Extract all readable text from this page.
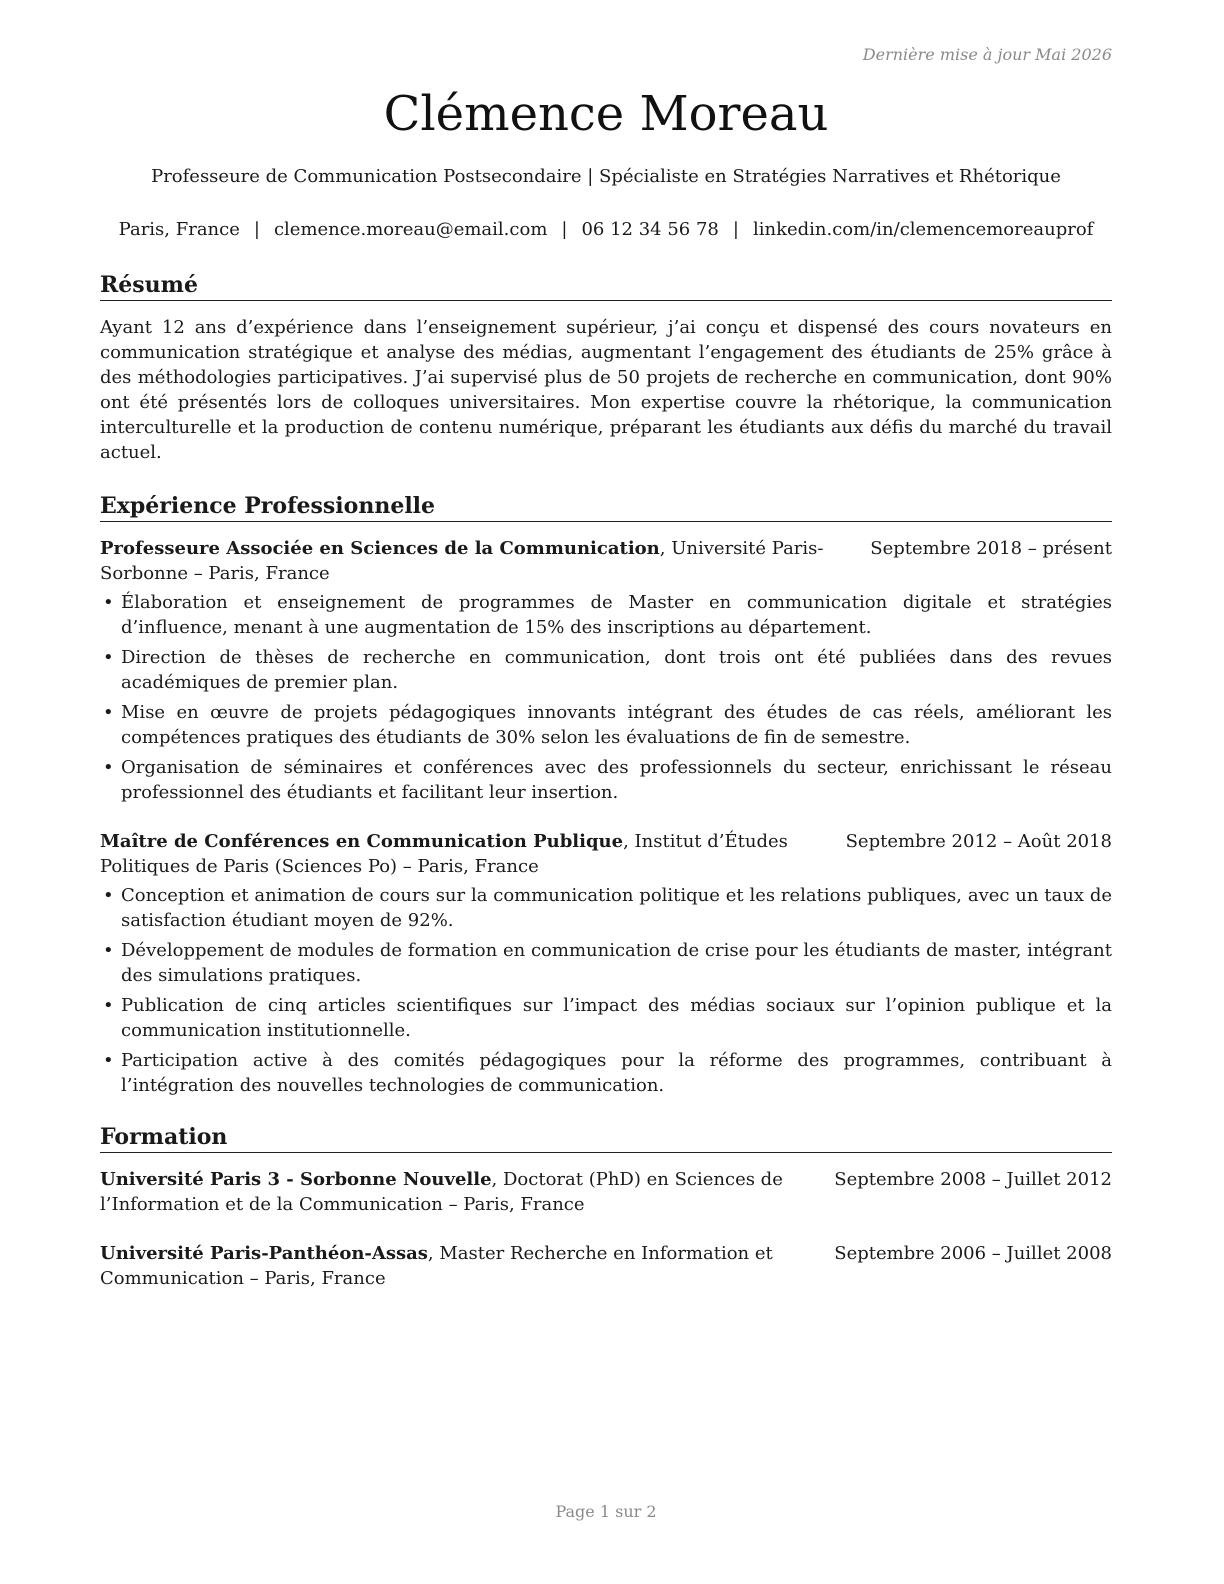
Dernière mise à jour Mai 2026
Clémence Moreau
Professeure de Communication Postsecondaire | Spécialiste en Stratégies Narratives et Rhétorique
Paris, France | clemence.moreau@email.com | 06 12 34 56 78 | linkedin.com/in/clemencemoreauprof
Résumé

Ayant 12 ans d’expérience dans l’enseignement supérieur, j’ai conçu et dispensé des cours novateurs en communication stratégique et analyse des médias, augmentant l’engagement des étudiants de 25% grâce à des méthodologies participatives. J’ai supervisé plus de 50 projets de recherche en communication, dont 90% ont été présentés lors de colloques universitaires. Mon expertise couvre la rhétorique, la communication interculturelle et la production de contenu numérique, préparant les étudiants aux défis du marché du travail actuel.

Expérience Professionnelle
Professeure Associée en Sciences de la Communication, Université Paris-Sorbonne – Paris, France
Septembre 2018 – présent
• Élaboration et enseignement de programmes de Master en communication digitale et stratégies d’influence, menant à une augmentation de 15% des inscriptions au département.
• Direction de thèses de recherche en communication, dont trois ont été publiées dans des revues académiques de premier plan.
• Mise en œuvre de projets pédagogiques innovants intégrant des études de cas réels, améliorant les compétences pratiques des étudiants de 30% selon les évaluations de fin de semestre.
• Organisation de séminaires et conférences avec des professionnels du secteur, enrichissant le réseau professionnel des étudiants et facilitant leur insertion.
Maître de Conférences en Communication Publique, Institut d’Études Politiques de Paris (Sciences Po) – Paris, France
Septembre 2012 – Août 2018
• Conception et animation de cours sur la communication politique et les relations publiques, avec un taux de satisfaction étudiant moyen de 92%.
• Développement de modules de formation en communication de crise pour les étudiants de master, intégrant des simulations pratiques.
• Publication de cinq articles scientifiques sur l’impact des médias sociaux sur l’opinion publique et la communication institutionnelle.
• Participation active à des comités pédagogiques pour la réforme des programmes, contribuant à l’intégration des nouvelles technologies de communication.
Formation
Université Paris 3 - Sorbonne Nouvelle, Doctorat (PhD) en Sciences de l’Information et de la Communication – Paris, France
Septembre 2008 – Juillet 2012
Université Paris-Panthéon-Assas, Master Recherche en Information et Communication – Paris, France
Septembre 2006 – Juillet 2008
Page 1 sur 2
